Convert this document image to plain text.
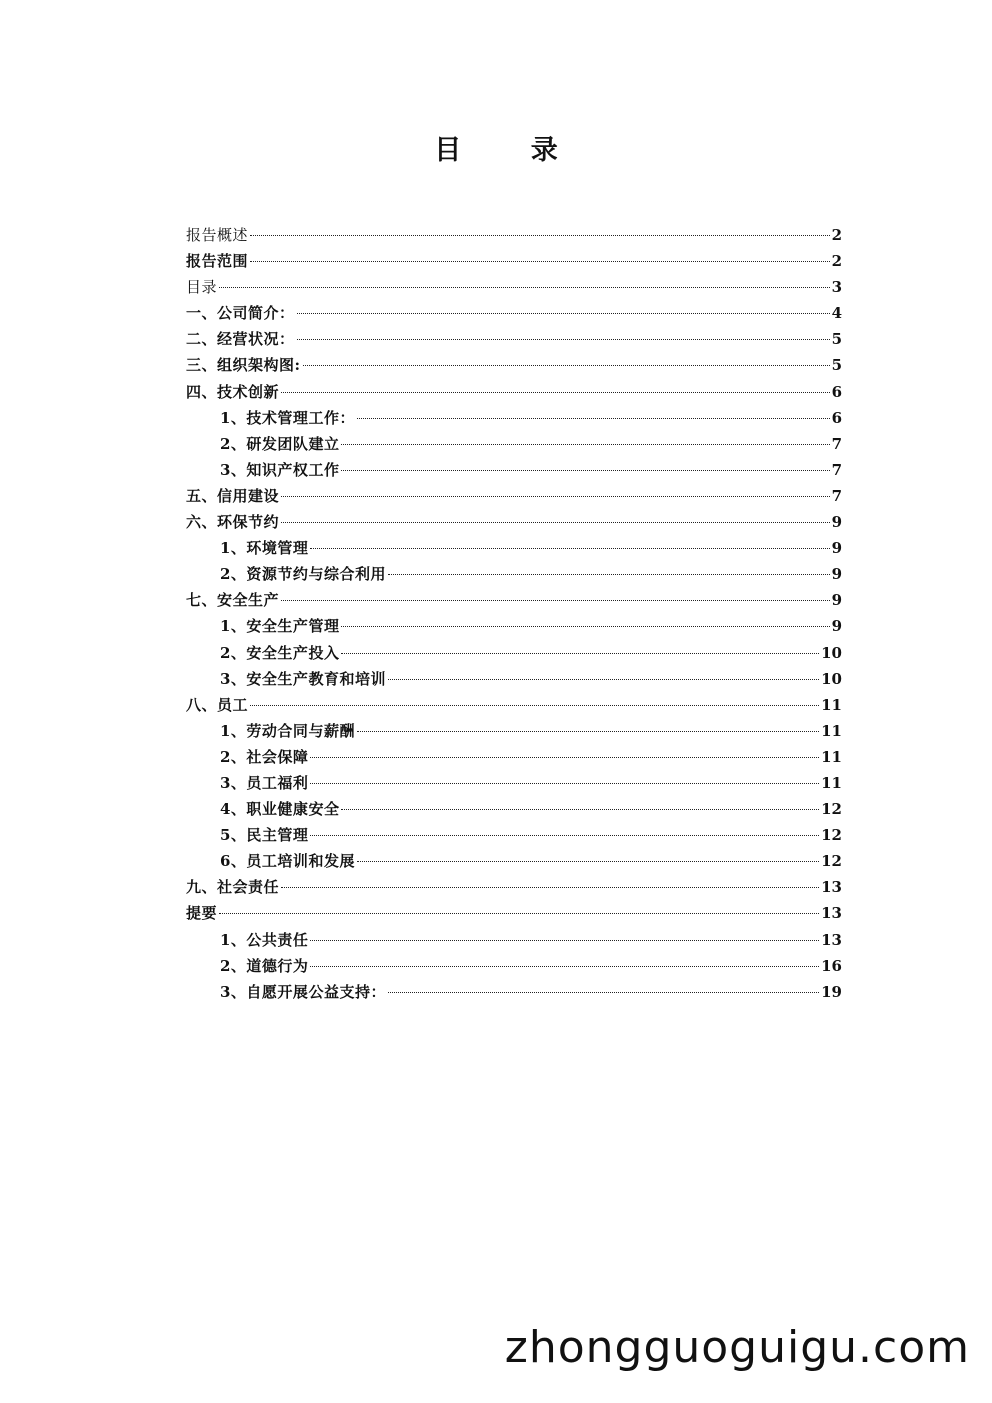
目 录
报告概述	2
报告范围	2
目录	3
一、公司简介：	4
二、经营状况：	5
三、组织架构图:	5
四、技术创新	6
1、技术管理工作：	6
2、研发团队建立	7
3、知识产权工作	7
五、信用建设	7
六、环保节约	9
1、环境管理	9
2、资源节约与综合利用	9
七、安全生产	9
1、安全生产管理	9
2、安全生产投入	10
3、安全生产教育和培训	10
八、员工	11
1、劳动合同与薪酬	11
2、社会保障	11
3、员工福利	11
4、职业健康安全	12
5、民主管理	12
6、员工培训和发展	12
九、社会责任	13
提要	13
1、公共责任	13
2、道德行为	16
3、自愿开展公益支持：	19
zhongguoguigu.com
